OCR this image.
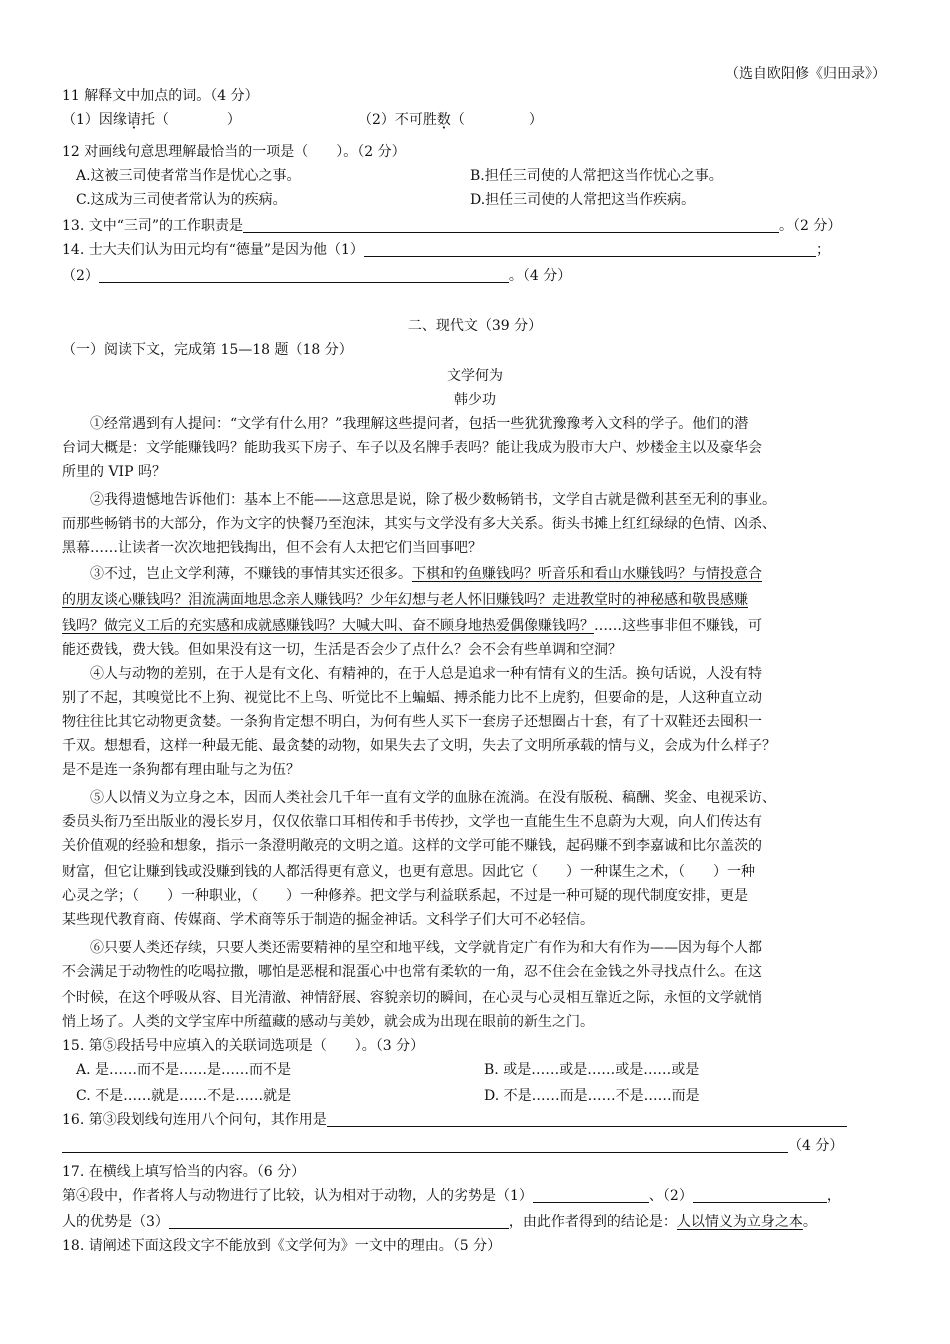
（选自欧阳修《归田录》）
11 解释文中加点的词。（4 分）
（1）因缘请托（	）	（2）不可胜数（	）
12 对画线句意思理解最恰当的一项是（　　）。（2 分）
A.这被三司使者常当作是忧心之事。	B.担任三司使的人常把这当作忧心之事。
C.这成为三司使者常认为的疾病。	D.担任三司使的人常把这当作疾病。
13. 文中“三司”的工作职责是	。（2 分）
14. 士大夫们认为田元均有“德量”是因为他（1）	；
（2）	。（4 分）
二、现代文（39 分）
（一）阅读下文，完成第 15—18 题（18 分）
文学何为
韩少功
①经常遇到有人提问：“文学有什么用？”我理解这些提问者，包括一些犹犹豫豫考入文科的学子。他们的潜
台词大概是：文学能赚钱吗？能助我买下房子、车子以及名牌手表吗？能让我成为股市大户、炒楼金主以及豪华会
所里的 VIP 吗？
②我得遗憾地告诉他们：基本上不能——这意思是说，除了极少数畅销书，文学自古就是微利甚至无利的事业。
而那些畅销书的大部分，作为文字的快餐乃至泡沫，其实与文学没有多大关系。街头书摊上红红绿绿的色情、凶杀、
黑幕……让读者一次次地把钱掏出，但不会有人太把它们当回事吧？
③不过，岂止文学利薄，不赚钱的事情其实还很多。下棋和钓鱼赚钱吗？听音乐和看山水赚钱吗？与情投意合
的朋友谈心赚钱吗？泪流满面地思念亲人赚钱吗？少年幻想与老人怀旧赚钱吗？走进教堂时的神秘感和敬畏感赚
钱吗？做完义工后的充实感和成就感赚钱吗？大喊大叫、奋不顾身地热爱偶像赚钱吗？……这些事非但不赚钱，可
能还费钱，费大钱。但如果没有这一切，生活是否会少了点什么？会不会有些单调和空洞？
④人与动物的差别，在于人是有文化、有精神的，在于人总是追求一种有情有义的生活。换句话说，人没有特
别了不起，其嗅觉比不上狗、视觉比不上鸟、听觉比不上蝙蝠、搏杀能力比不上虎豹，但要命的是，人这种直立动
物往往比其它动物更贪婪。一条狗肯定想不明白，为何有些人买下一套房子还想圈占十套，有了十双鞋还去囤积一
千双。想想看，这样一种最无能、最贪婪的动物，如果失去了文明，失去了文明所承载的情与义，会成为什么样子？
是不是连一条狗都有理由耻与之为伍？
⑤人以情义为立身之本，因而人类社会几千年一直有文学的血脉在流淌。在没有版税、稿酬、奖金、电视采访、
委员头衔乃至出版业的漫长岁月，仅仅依靠口耳相传和手书传抄，文学也一直能生生不息蔚为大观，向人们传达有
关价值观的经验和想象，指示一条澄明敞亮的文明之道。这样的文学可能不赚钱，起码赚不到李嘉诚和比尔盖茨的
财富，但它让赚到钱或没赚到钱的人都活得更有意义，也更有意思。因此它（　　）一种谋生之术，（　　）一种
心灵之学；（　　）一种职业，（　　）一种修养。把文学与利益联系起，不过是一种可疑的现代制度安排，更是
某些现代教育商、传媒商、学术商等乐于制造的掘金神话。文科学子们大可不必轻信。
⑥只要人类还存续，只要人类还需要精神的星空和地平线，文学就肯定广有作为和大有作为——因为每个人都
不会满足于动物性的吃喝拉撒，哪怕是恶棍和混蛋心中也常有柔软的一角，忍不住会在金钱之外寻找点什么。在这
个时候，在这个呼吸从容、目光清澈、神情舒展、容貌亲切的瞬间，在心灵与心灵相互靠近之际，永恒的文学就悄
悄上场了。人类的文学宝库中所蕴藏的感动与美妙，就会成为出现在眼前的新生之门。
15. 第⑤段括号中应填入的关联词选项是（　　）。（3 分）
A. 是……而不是……是……而不是	B. 或是……或是……或是……或是
C. 不是……就是……不是……就是	D. 不是……而是……不是……而是
16. 第③段划线句连用八个问句，其作用是
（4 分）
17. 在横线上填写恰当的内容。（6 分）
第④段中，作者将人与动物进行了比较，认为相对于动物，人的劣势是（1）	、（2）	，
人的优势是（3）	，由此作者得到的结论是：人以情义为立身之本。
18. 请阐述下面这段文字不能放到《文学何为》一文中的理由。（5 分）
